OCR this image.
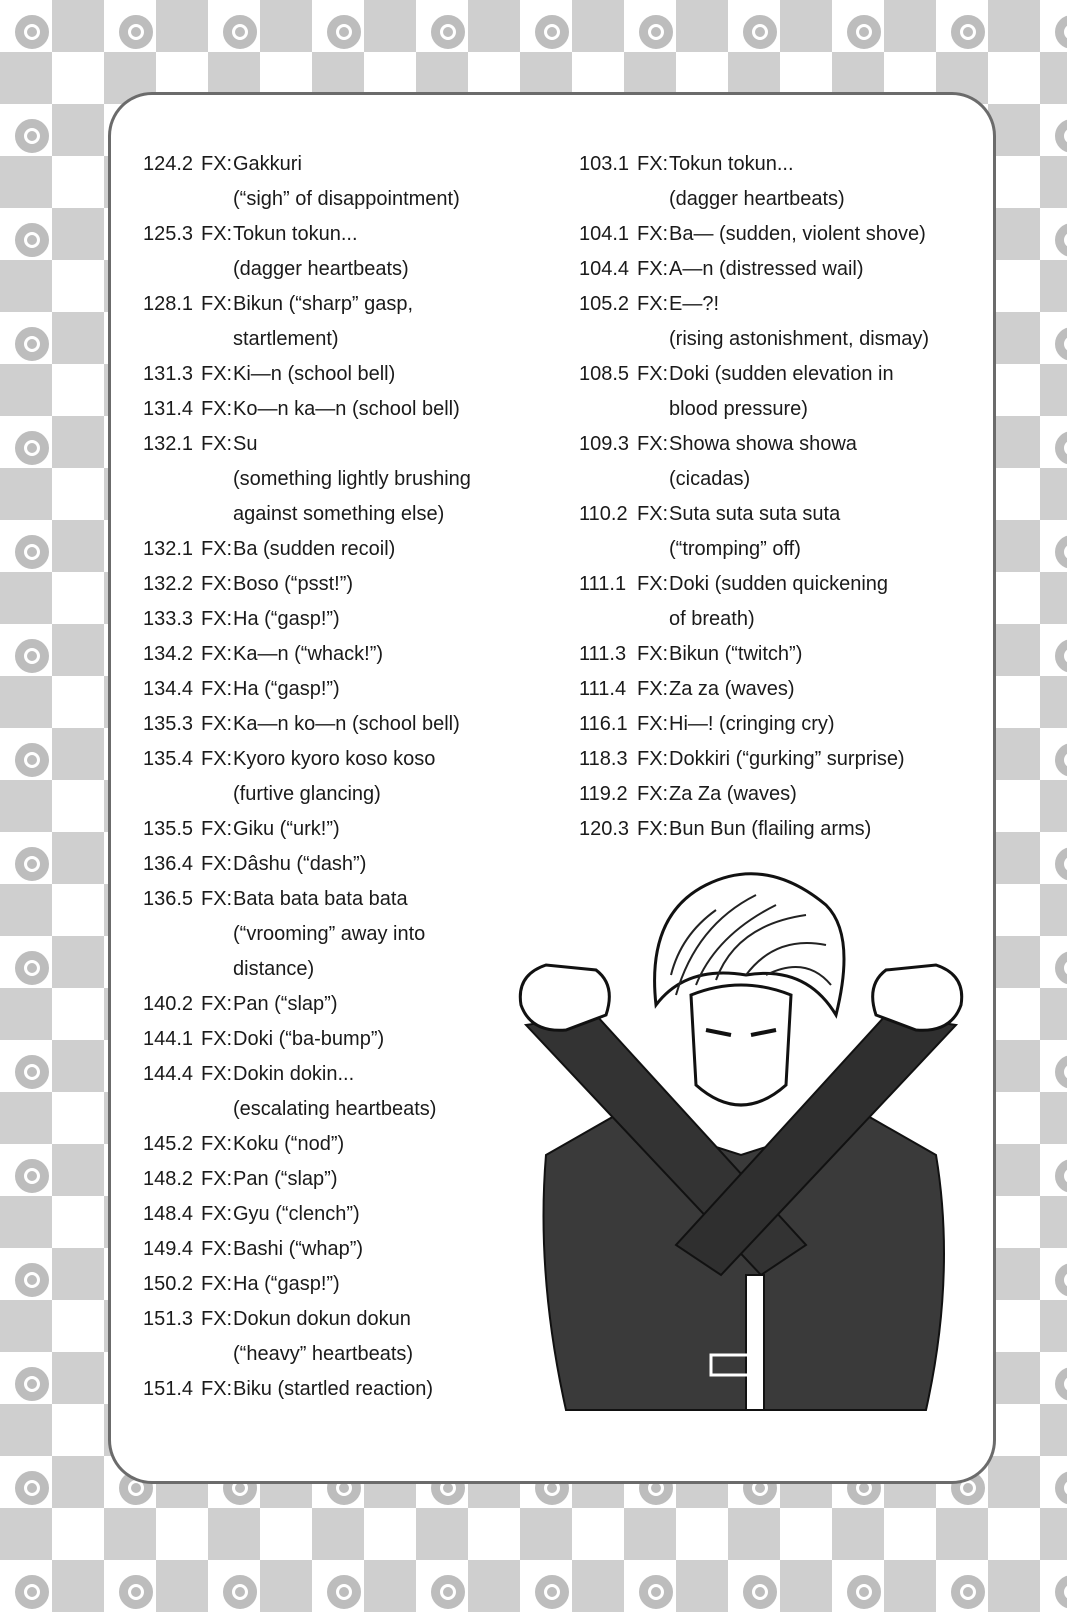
124.2 FX: Gakkuri
(“sigh” of disappointment)
125.3 FX: Tokun tokun...
(dagger heartbeats)
128.1 FX: Bikun (“sharp” gasp,
startlement)
131.3 FX: Ki—n (school bell)
131.4 FX: Ko—n ka—n (school bell)
132.1 FX: Su
(something lightly brushing
against something else)
132.1 FX: Ba (sudden recoil)
132.2 FX: Boso (“psst!”)
133.3 FX: Ha (“gasp!”)
134.2 FX: Ka—n (“whack!”)
134.4 FX: Ha (“gasp!”)
135.3 FX: Ka—n ko—n (school bell)
135.4 FX: Kyoro kyoro koso koso
(furtive glancing)
135.5 FX: Giku (“urk!”)
136.4 FX: Dâshu (“dash”)
136.5 FX: Bata bata bata bata
(“vrooming” away into
distance)
140.2 FX: Pan (“slap”)
144.1 FX: Doki (“ba-bump”)
144.4 FX: Dokin dokin...
(escalating heartbeats)
145.2 FX: Koku (“nod”)
148.2 FX: Pan (“slap”)
148.4 FX: Gyu (“clench”)
149.4 FX: Bashi (“whap”)
150.2 FX: Ha (“gasp!”)
151.3 FX: Dokun dokun dokun
(“heavy” heartbeats)
151.4 FX: Biku (startled reaction)
103.1 FX: Tokun tokun...
(dagger heartbeats)
104.1 FX: Ba— (sudden, violent shove)
104.4 FX: A—n (distressed wail)
105.2 FX: E—?!
(rising astonishment, dismay)
108.5 FX: Doki (sudden elevation in
blood pressure)
109.3 FX: Showa showa showa
(cicadas)
110.2 FX: Suta suta suta suta
(“tromping” off)
111.1 FX: Doki (sudden quickening
of breath)
111.3 FX: Bikun (“twitch”)
111.4 FX: Za za (waves)
116.1 FX: Hi—! (cringing cry)
118.3 FX: Dokkiri (“gurking” surprise)
119.2 FX: Za Za (waves)
120.3 FX: Bun Bun (flailing arms)
